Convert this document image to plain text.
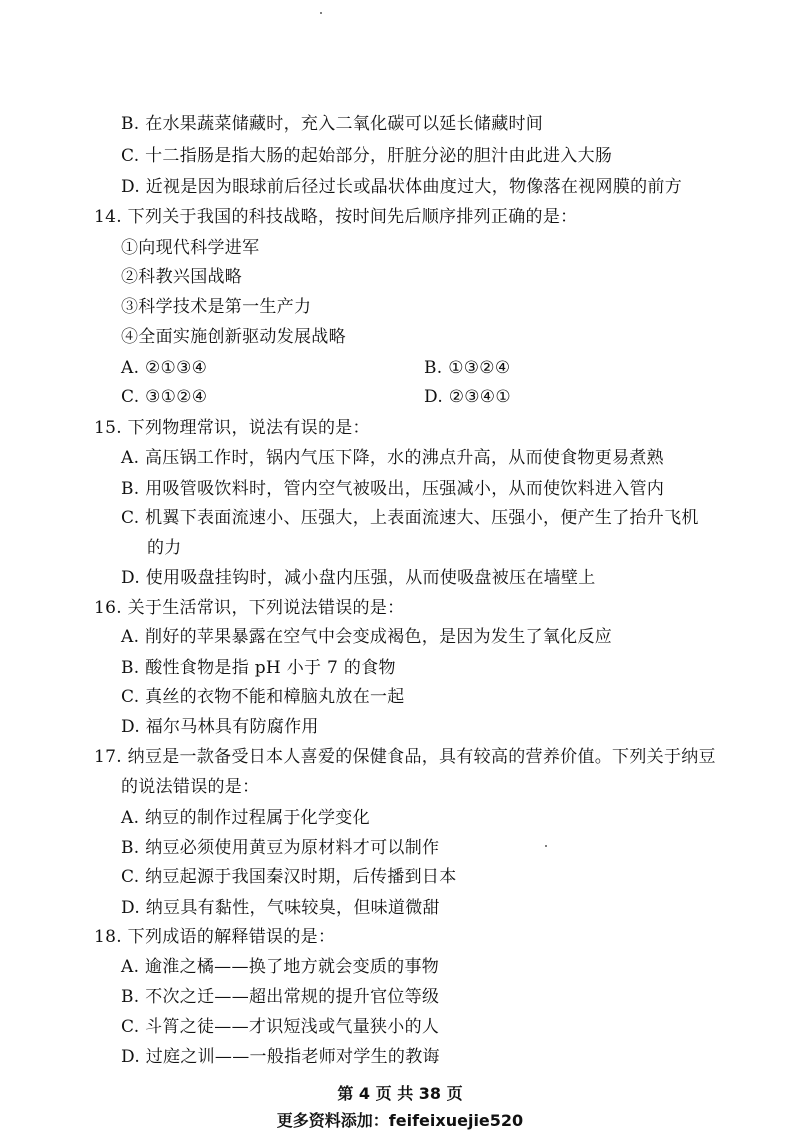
B. 在水果蔬菜储藏时，充入二氧化碳可以延长储藏时间
C. 十二指肠是指大肠的起始部分，肝脏分泌的胆汁由此进入大肠
D. 近视是因为眼球前后径过长或晶状体曲度过大，物像落在视网膜的前方
14. 下列关于我国的科技战略，按时间先后顺序排列正确的是：
①向现代科学进军
②科教兴国战略
③科学技术是第一生产力
④全面实施创新驱动发展战略
A. ②①③④	B. ①③②④
C. ③①②④	D. ②③④①
15. 下列物理常识，说法有误的是：
A. 高压锅工作时，锅内气压下降，水的沸点升高，从而使食物更易煮熟
B. 用吸管吸饮料时，管内空气被吸出，压强减小，从而使饮料进入管内
C. 机翼下表面流速小、压强大，上表面流速大、压强小，便产生了抬升飞机
的力
D. 使用吸盘挂钩时，减小盘内压强，从而使吸盘被压在墙壁上
16. 关于生活常识，下列说法错误的是：
A. 削好的苹果暴露在空气中会变成褐色，是因为发生了氧化反应
B. 酸性食物是指 pH 小于 7 的食物
C. 真丝的衣物不能和樟脑丸放在一起
D. 福尔马林具有防腐作用
17. 纳豆是一款备受日本人喜爱的保健食品，具有较高的营养价值。下列关于纳豆
的说法错误的是：
A. 纳豆的制作过程属于化学变化
B. 纳豆必须使用黄豆为原材料才可以制作
C. 纳豆起源于我国秦汉时期，后传播到日本
D. 纳豆具有黏性，气味较臭，但味道微甜
18. 下列成语的解释错误的是：
A. 逾淮之橘——换了地方就会变质的事物
B. 不次之迁——超出常规的提升官位等级
C. 斗筲之徒——才识短浅或气量狭小的人
D. 过庭之训——一般指老师对学生的教诲
第 4 页 共 38 页
更多资料添加：feifeixuejie520
